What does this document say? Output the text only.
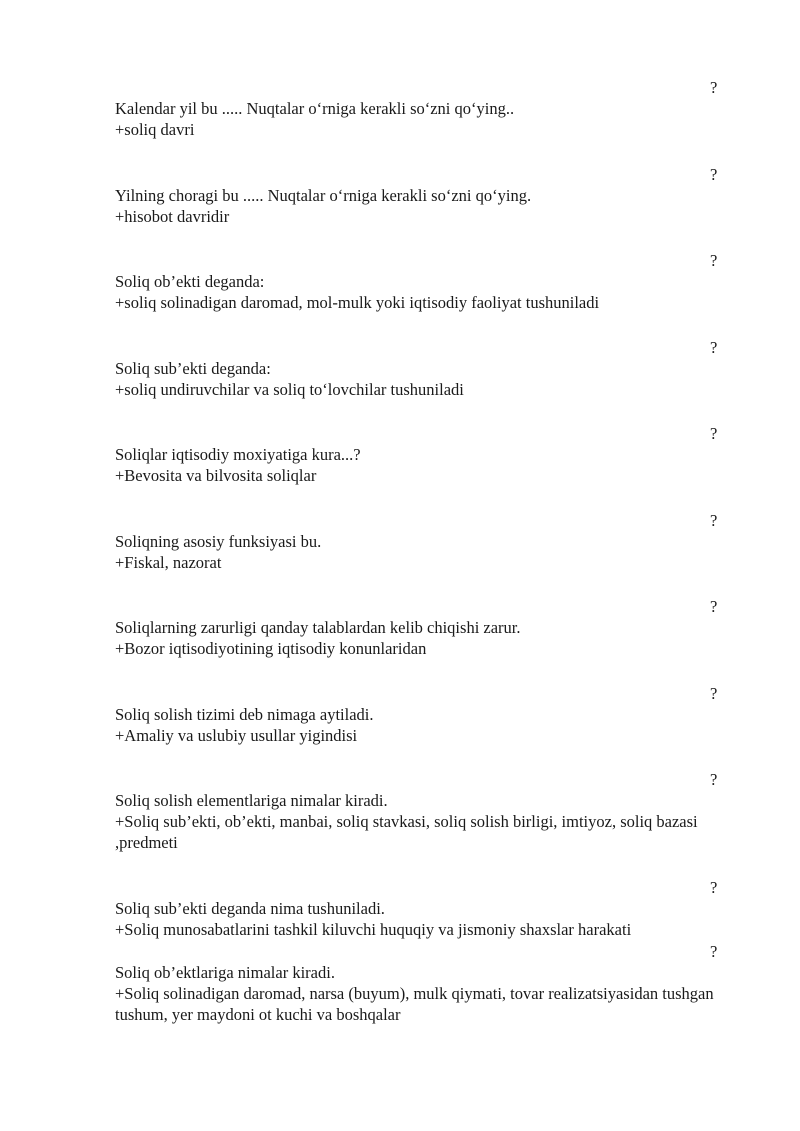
?

Kalendar yil bu ..... Nuqtalar o‘rniga kerakli so‘zni qo‘ying..

+soliq davri

?

Yilning choragi bu ..... Nuqtalar o‘rniga kerakli so‘zni qo‘ying.

+hisobot davridir

?

Soliq ob’ekti deganda:

+soliq solinadigan daromad, mol-mulk yoki iqtisodiy faoliyat tushuniladi

?

Soliq sub’ekti deganda:

+soliq undiruvchilar va soliq to‘lovchilar tushuniladi

?

Soliqlar iqtisodiy moxiyatiga kura...?

+Bevosita va bilvosita soliqlar

?

Soliqning asosiy funksiyasi bu.

+Fiskal, nazorat

?

Soliqlarning zarurligi qanday talablardan kelib chiqishi zarur.

+Bozor iqtisodiyotining iqtisodiy konunlaridan

?

Soliq solish tizimi deb nimaga aytiladi.

+Amaliy va uslubiy usullar yigindisi

?

Soliq solish elementlariga nimalar kiradi.

+Soliq sub’ekti, ob’ekti, manbai, soliq stavkasi, soliq solish birligi, imtiyoz, soliq bazasi ,predmeti

?

Soliq sub’ekti deganda nima tushuniladi.

+Soliq munosabatlarini tashkil kiluvchi huquqiy va jismoniy shaxslar harakati

?

Soliq ob’ektlariga nimalar kiradi.

+Soliq solinadigan daromad, narsa (buyum), mulk qiymati, tovar realizatsiyasidan tushgan tushum, yer maydoni ot kuchi va boshqalar
